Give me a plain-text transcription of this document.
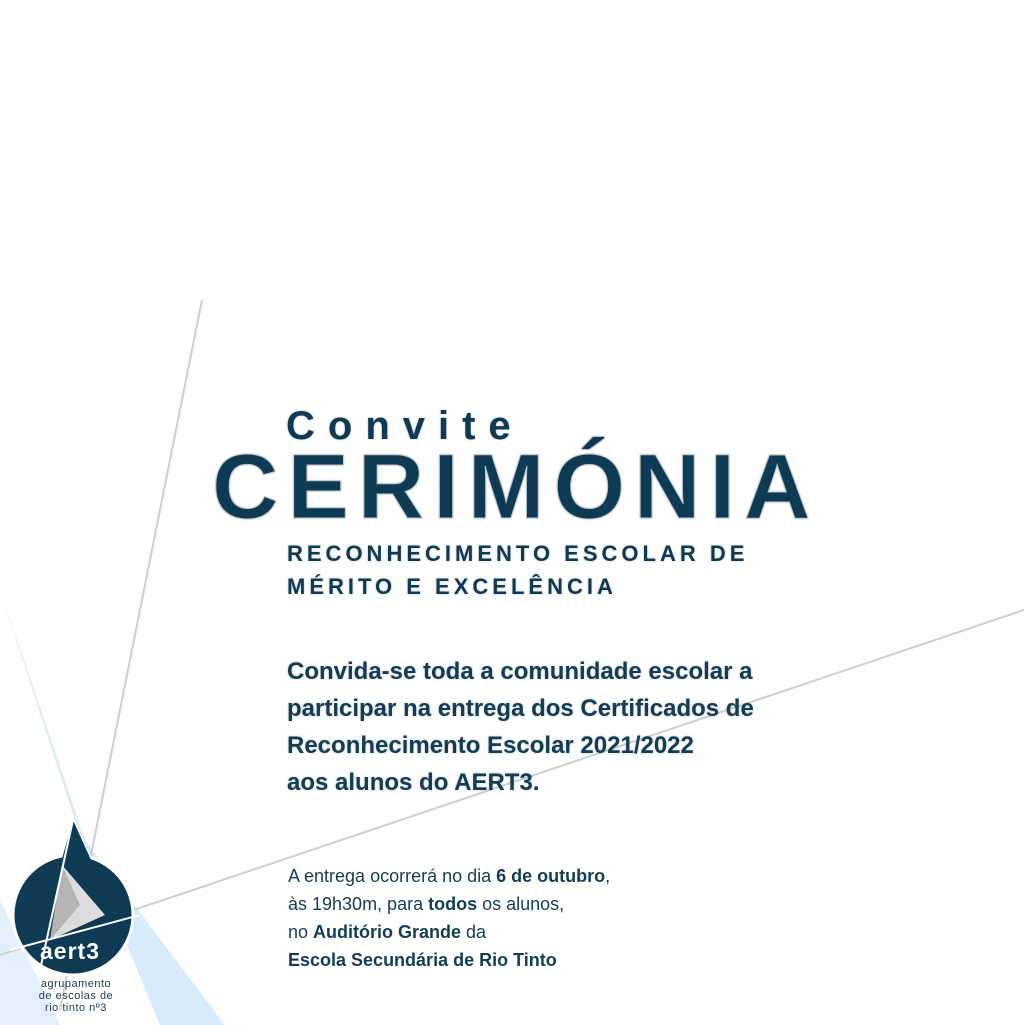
Convite
CERIMÓNIA
RECONHECIMENTO ESCOLAR DE
MÉRITO E EXCELÊNCIA
Convida-se toda a comunidade escolar a
participar na entrega dos Certificados de
Reconhecimento Escolar 2021/2022
aos alunos do AERT3.
A entrega ocorrerá no dia 6 de outubro,
às 19h30m, para todos os alunos,
no Auditório Grande da
Escola Secundária de Rio Tinto
aert3
agrupamento
de escolas de
rio tinto nº3
